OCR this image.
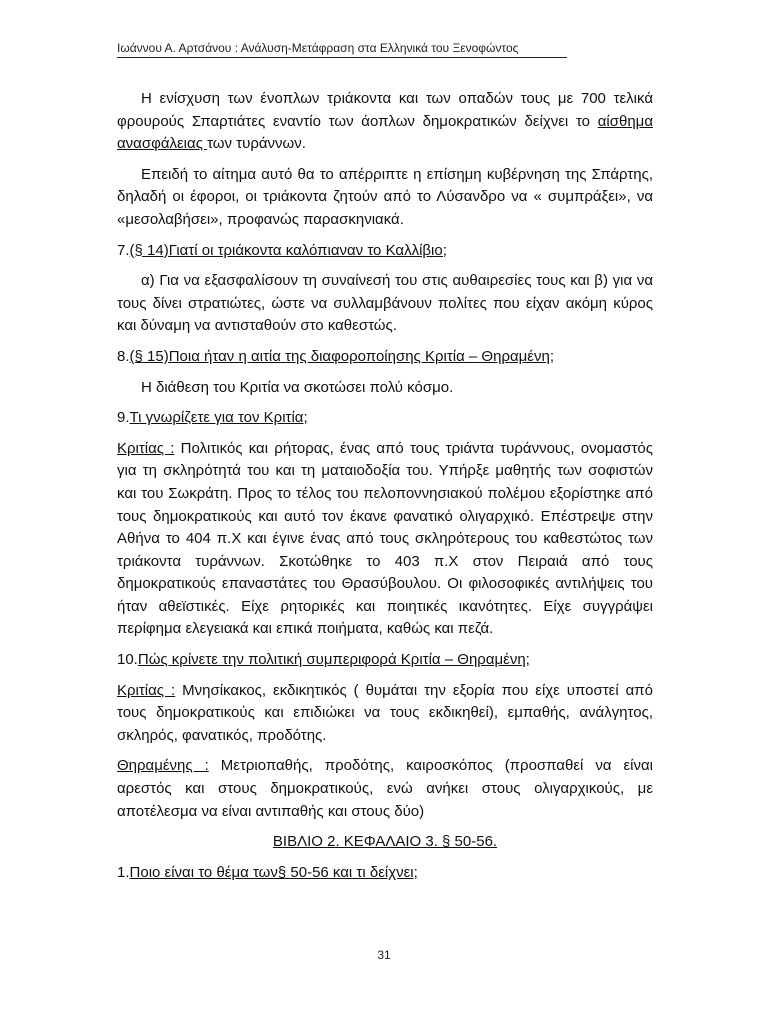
Ιωάννου Α. Αρτσάνου : Ανάλυση-Μετάφραση στα Ελληνικά του Ξενοφώντος

Η ενίσχυση των ένοπλων τριάκοντα και των οπαδών τους με 700 τελικά φρουρούς Σπαρτιάτες εναντίο των άοπλων δημοκρατικών δείχνει το αίσθημα ανασφάλειας των τυράννων.

Επειδή το αίτημα αυτό θα το απέρριπτε η επίσημη κυβέρνηση της Σπάρτης, δηλαδή οι έφοροι, οι τριάκοντα ζητούν από το Λύσανδρο να « συμπράξει», να «μεσολαβήσει», προφανώς παρασκηνιακά.

7.(§ 14)Γιατί οι τριάκοντα καλόπιαναν το Καλλίβιο;

α) Για να εξασφαλίσουν τη συναίνεσή του στις αυθαιρεσίες τους και β) για να τους δίνει στρατιώτες, ώστε να συλλαμβάνουν πολίτες που είχαν ακόμη κύρος και δύναμη να αντισταθούν στο καθεστώς.

8.(§ 15)Ποια ήταν η αιτία της διαφοροποίησης Κριτία – Θηραμένη;

Η διάθεση του Κριτία να σκοτώσει πολύ κόσμο.

9.Τι γνωρίζετε για τον Κριτία;

Κριτίας : Πολιτικός και ρήτορας, ένας από τους τριάντα τυράννους, ονομαστός για τη σκληρότητά του και τη ματαιοδοξία του. Υπήρξε μαθητής των σοφιστών και του Σωκράτη. Προς το τέλος του πελοποννησιακού πολέμου εξορίστηκε από τους δημοκρατικούς και αυτό τον έκανε φανατικό ολιγαρχικό. Επέστρεψε στην Αθήνα το 404 π.Χ και έγινε ένας από τους σκληρότερους του καθεστώτος των τριάκοντα τυράννων. Σκοτώθηκε το 403 π.Χ στον Πειραιά από τους δημοκρατικούς επαναστάτες του Θρασύβουλου. Οι φιλοσοφικές αντιλήψεις του ήταν αθεϊστικές. Είχε ρητορικές και ποιητικές ικανότητες. Είχε συγγράψει περίφημα ελεγειακά και επικά ποιήματα, καθώς και πεζά.

10.Πώς κρίνετε την πολιτική συμπεριφορά Κριτία – Θηραμένη;

Κριτίας : Μνησίκακος, εκδικητικός ( θυμάται την εξορία που είχε υποστεί από τους δημοκρατικούς και επιδιώκει να τους εκδικηθεί), εμπαθής, ανάλγητος, σκληρός, φανατικός, προδότης.

Θηραμένης : Μετριοπαθής, προδότης, καιροσκόπος (προσπαθεί να είναι αρεστός και στους δημοκρατικούς, ενώ ανήκει στους ολιγαρχικούς, με αποτέλεσμα να είναι αντιπαθής και στους δύο)

ΒΙΒΛΙΟ 2. ΚΕΦΑΛΑΙΟ 3. § 50-56.

1.Ποιο είναι το θέμα των§ 50-56 και τι δείχνει;

31
